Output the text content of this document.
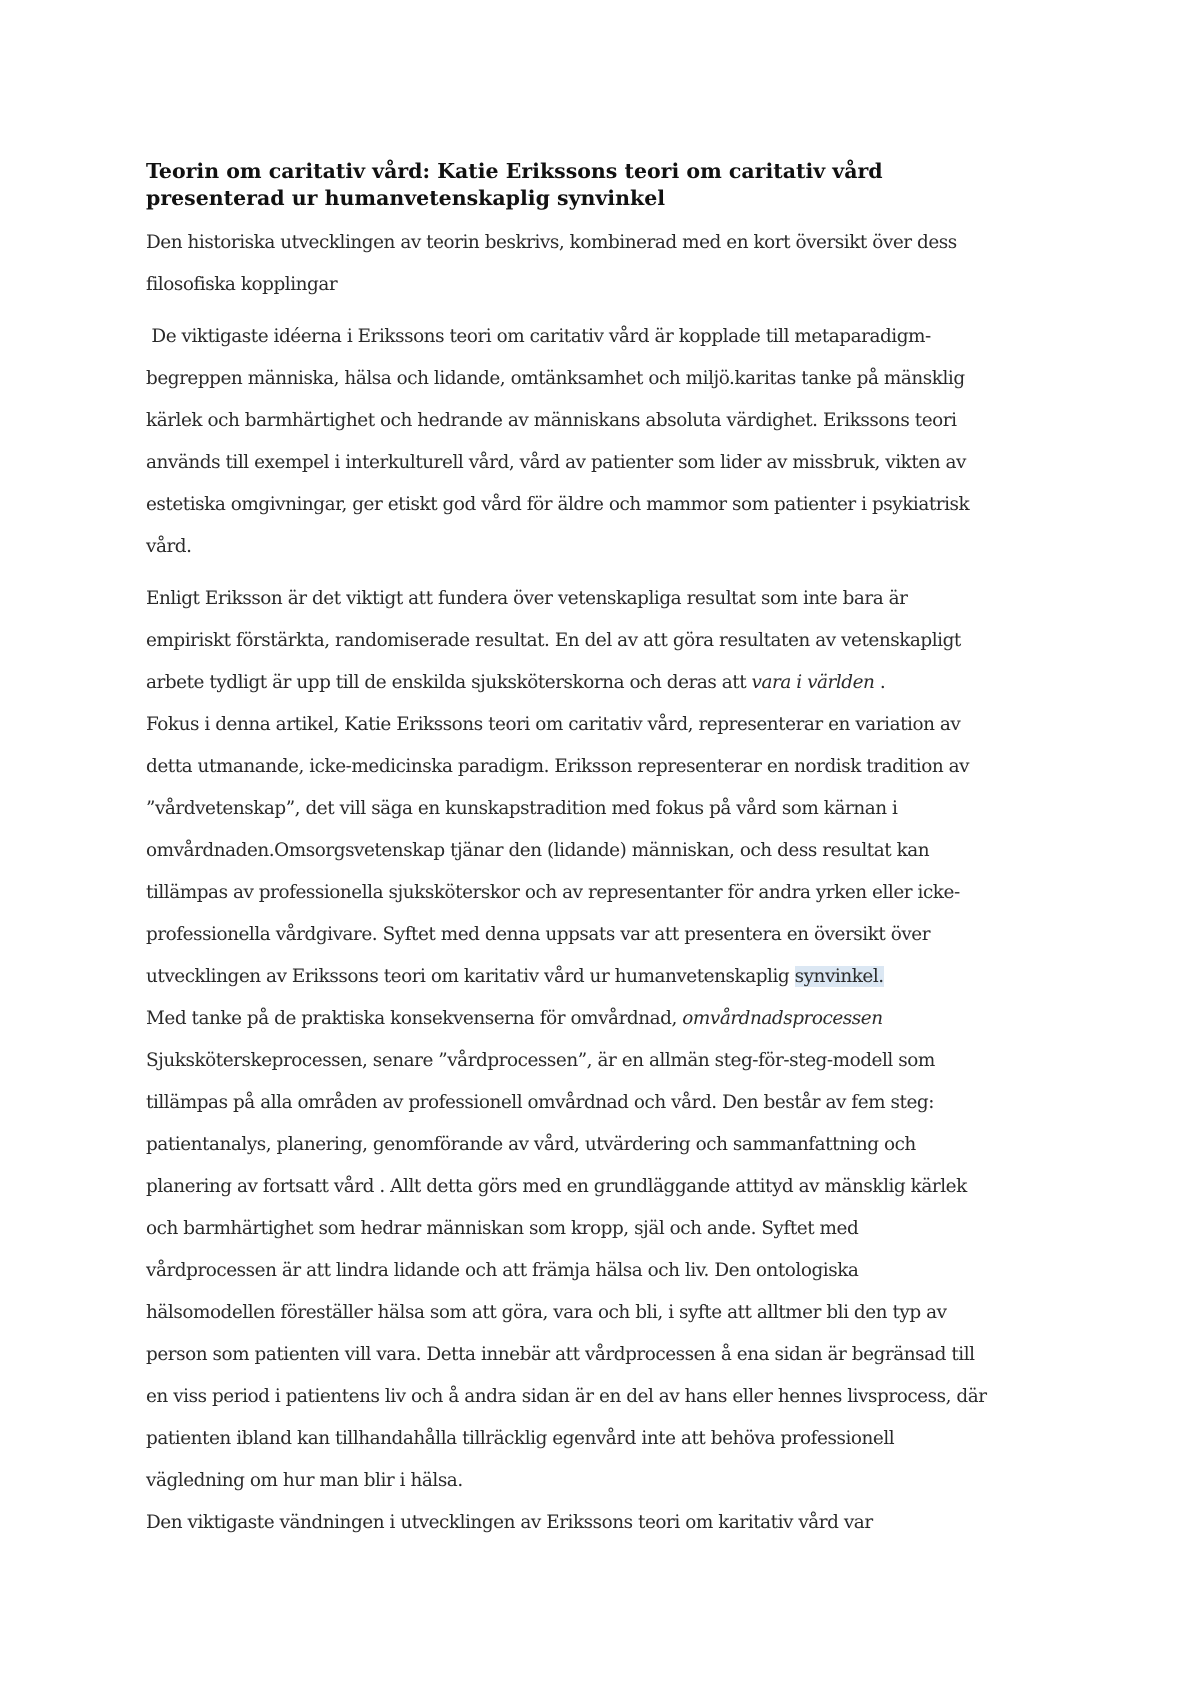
Teorin om caritativ vård: Katie Erikssons teori om caritativ vård
presenterad ur humanvetenskaplig synvinkel

Den historiska utvecklingen av teorin beskrivs, kombinerad med en kort översikt över dess
filosofiska kopplingar

De viktigaste idéerna i Erikssons teori om caritativ vård är kopplade till metaparadigm-
begreppen människa, hälsa och lidande, omtänksamhet och miljö.karitas tanke på mänsklig
kärlek och barmhärtighet och hedrande av människans absoluta värdighet. Erikssons teori
används till exempel i interkulturell vård, vård av patienter som lider av missbruk, vikten av
estetiska omgivningar, ger etiskt god vård för äldre och mammor som patienter i psykiatrisk
vård.

Enligt Eriksson är det viktigt att fundera över vetenskapliga resultat som inte bara är
empiriskt förstärkta, randomiserade resultat. En del av att göra resultaten av vetenskapligt
arbete tydligt är upp till de enskilda sjuksköterskorna och deras att vara i världen .
Fokus i denna artikel, Katie Erikssons teori om caritativ vård, representerar en variation av
detta utmanande, icke-medicinska paradigm. Eriksson representerar en nordisk tradition av
”vårdvetenskap”, det vill säga en kunskapstradition med fokus på vård som kärnan i
omvårdnaden.Omsorgsvetenskap tjänar den (lidande) människan, och dess resultat kan
tillämpas av professionella sjuksköterskor och av representanter för andra yrken eller icke-
professionella vårdgivare. Syftet med denna uppsats var att presentera en översikt över
utvecklingen av Erikssons teori om karitativ vård ur humanvetenskaplig synvinkel.

Med tanke på de praktiska konsekvenserna för omvårdnad, omvårdnadsprocessen
Sjuksköterskeprocessen, senare ”vårdprocessen”, är en allmän steg-för-steg-modell som
tillämpas på alla områden av professionell omvårdnad och vård. Den består av fem steg:
patientanalys, planering, genomförande av vård, utvärdering och sammanfattning och
planering av fortsatt vård . Allt detta görs med en grundläggande attityd av mänsklig kärlek
och barmhärtighet som hedrar människan som kropp, själ och ande. Syftet med
vårdprocessen är att lindra lidande och att främja hälsa och liv. Den ontologiska
hälsomodellen föreställer hälsa som att göra, vara och bli, i syfte att alltmer bli den typ av
person som patienten vill vara. Detta innebär att vårdprocessen å ena sidan är begränsad till
en viss period i patientens liv och å andra sidan är en del av hans eller hennes livsprocess, där
patienten ibland kan tillhandahålla tillräcklig egenvård inte att behöva professionell
vägledning om hur man blir i hälsa.
Den viktigaste vändningen i utvecklingen av Erikssons teori om karitativ vård var
